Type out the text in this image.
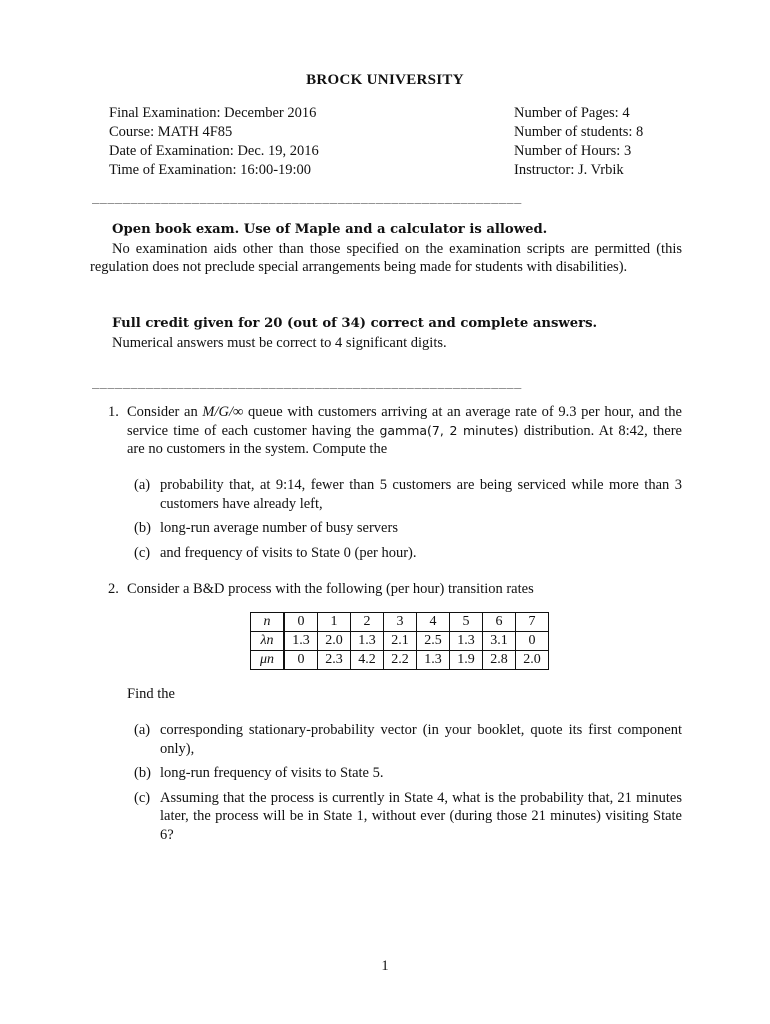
BROCK UNIVERSITY
Final Examination: December 2016
Course: MATH 4F85
Date of Examination: Dec. 19, 2016
Time of Examination: 16:00-19:00
Number of Pages: 4
Number of students: 8
Number of Hours: 3
Instructor: J. Vrbik
________________________________________________________
Open book exam. Use of Maple and a calculator is allowed.
No examination aids other than those specified on the examination scripts are permitted (this regulation does not preclude special arrangements being made for students with disabilities).
Full credit given for 20 (out of 34) correct and complete answers.
Numerical answers must be correct to 4 significant digits.
________________________________________________________
1. Consider an M/G/∞ queue with customers arriving at an average rate of 9.3 per hour, and the service time of each customer having the gamma(7, 2 minutes) distribution. At 8:42, there are no customers in the system. Compute the
(a) probability that, at 9:14, fewer than 5 customers are being serviced while more than 3 customers have already left,
(b) long-run average number of busy servers
(c) and frequency of visits to State 0 (per hour).
2. Consider a B&D process with the following (per hour) transition rates
n	0	1	2	3	4	5	6	7
λn	1.3	2.0	1.3	2.1	2.5	1.3	3.1	0
μn	0	2.3	4.2	2.2	1.3	1.9	2.8	2.0
Find the
(a) corresponding stationary-probability vector (in your booklet, quote its first component only),
(b) long-run frequency of visits to State 5.
(c) Assuming that the process is currently in State 4, what is the probability that, 21 minutes later, the process will be in State 1, without ever (during those 21 minutes) visiting State 6?
1
